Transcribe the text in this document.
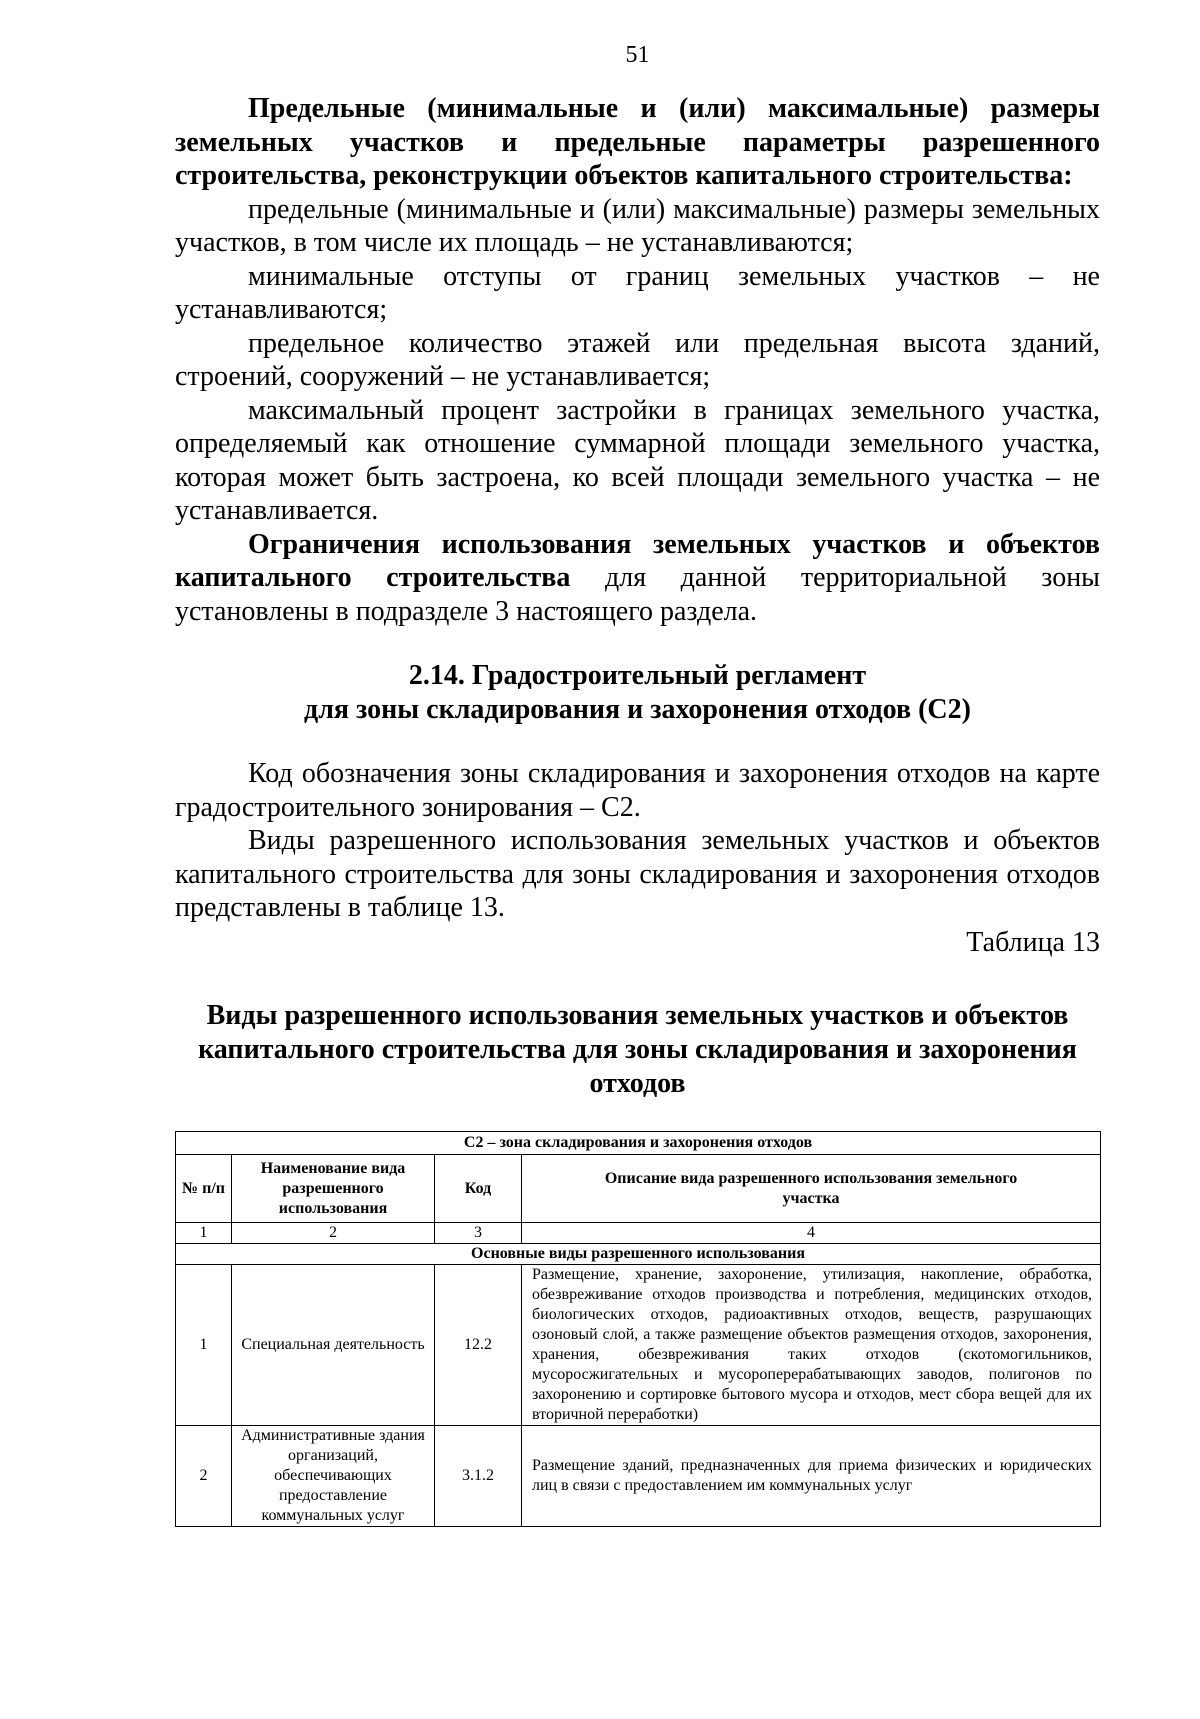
51

Предельные (минимальные и (или) максимальные) размеры земельных участков и предельные параметры разрешенного строительства, реконструкции объектов капитального строительства:

предельные (минимальные и (или) максимальные) размеры земельных участков, в том числе их площадь – не устанавливаются;

минимальные отступы от границ земельных участков – не устанавливаются;

предельное количество этажей или предельная высота зданий, строений, сооружений – не устанавливается;

максимальный процент застройки в границах земельного участка, определяемый как отношение суммарной площади земельного участка, которая может быть застроена, ко всей площади земельного участка – не устанавливается.

Ограничения использования земельных участков и объектов капитального строительства для данной территориальной зоны установлены в подразделе 3 настоящего раздела.

2.14. Градостроительный регламент
для зоны складирования и захоронения отходов (С2)

Код обозначения зоны складирования и захоронения отходов на карте градостроительного зонирования – С2.

Виды разрешенного использования земельных участков и объектов капитального строительства для зоны складирования и захоронения отходов представлены в таблице 13.

Таблица 13

Виды разрешенного использования земельных участков и объектов
капитального строительства для зоны складирования и захоронения
отходов
С2 – зона складирования и захоронения отходов			
№ п/п	Наименование вида разрешенного использования	Код	Описание вида разрешенного использования земельного участка
1	2	3	4
Основные виды разрешенного использования			
1	Специальная деятельность	12.2	Размещение, хранение, захоронение, утилизация, накопление, обработка, обезвреживание отходов производства и потребления, медицинских отходов, биологических отходов, радиоактивных отходов, веществ, разрушающих озоновый слой, а также размещение объектов размещения отходов, захоронения, хранения, обезвреживания таких отходов (скотомогильников, мусоросжигательных и мусороперерабатывающих заводов, полигонов по захоронению и сортировке бытового мусора и отходов, мест сбора вещей для их вторичной переработки)
2	Административные здания организаций, обеспечивающих предоставление коммунальных услуг	3.1.2	Размещение зданий, предназначенных для приема физических и юридических лиц в связи с предоставлением им коммунальных услуг
